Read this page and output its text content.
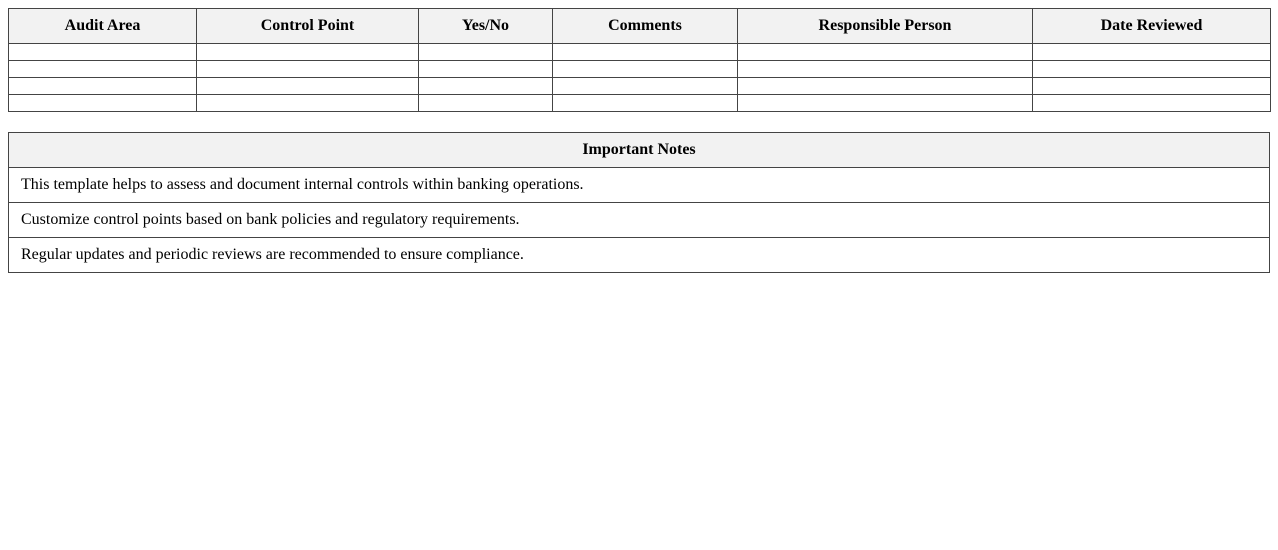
Audit Area	Control Point	Yes/No	Comments	Responsible Person	Date Reviewed

Important Notes
This template helps to assess and document internal controls within banking operations.
Customize control points based on bank policies and regulatory requirements.
Regular updates and periodic reviews are recommended to ensure compliance.
